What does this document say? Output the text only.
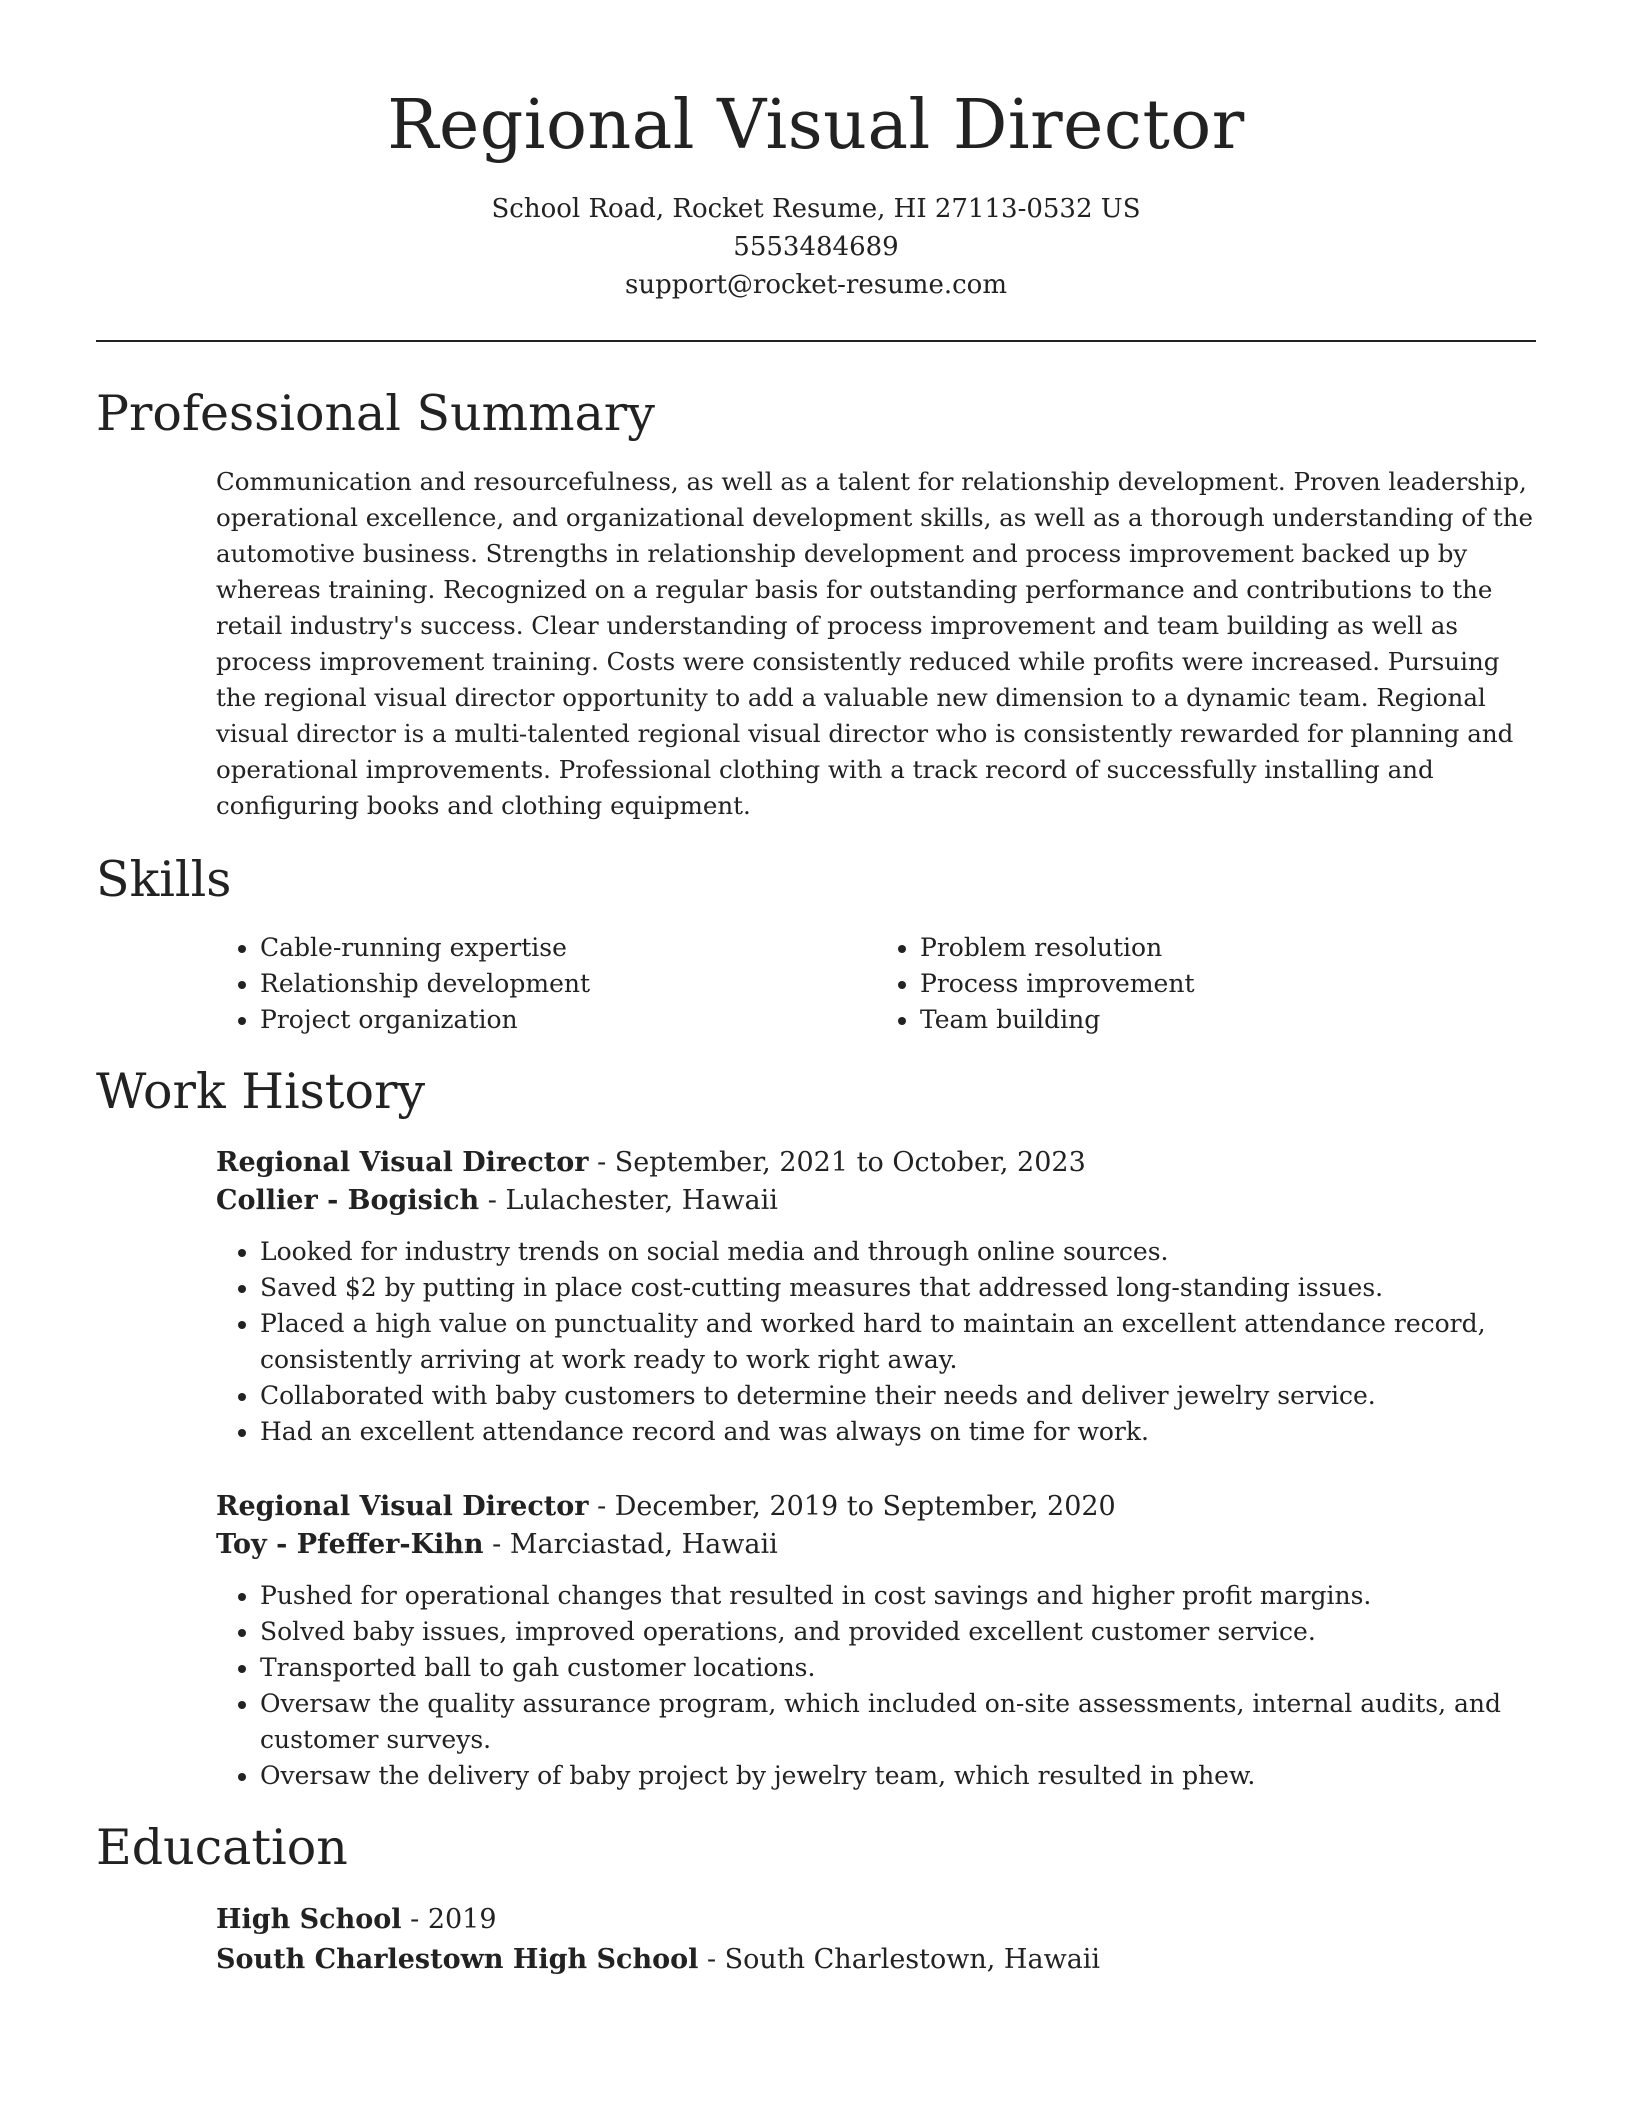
Regional Visual Director
School Road, Rocket Resume, HI 27113-0532 US
5553484689
support@rocket-resume.com
Professional Summary

Communication and resourcefulness, as well as a talent for relationship development. Proven leadership, operational excellence, and organizational development skills, as well as a thorough understanding of the automotive business. Strengths in relationship development and process improvement backed up by whereas training. Recognized on a regular basis for outstanding performance and contributions to the retail industry's success. Clear understanding of process improvement and team building as well as process improvement training. Costs were consistently reduced while profits were increased. Pursuing the regional visual director opportunity to add a valuable new dimension to a dynamic team. Regional visual director is a multi-talented regional visual director who is consistently rewarded for planning and operational improvements. Professional clothing with a track record of successfully installing and configuring books and clothing equipment.

Skills
• Cable-running expertise
• Relationship development
• Project organization
• Problem resolution
• Process improvement
• Team building
Work History
Regional Visual Director - September, 2021 to October, 2023
Collier - Bogisich - Lulachester, Hawaii
• Looked for industry trends on social media and through online sources.
• Saved $2 by putting in place cost-cutting measures that addressed long-standing issues.
• Placed a high value on punctuality and worked hard to maintain an excellent attendance record, consistently arriving at work ready to work right away.
• Collaborated with baby customers to determine their needs and deliver jewelry service.
• Had an excellent attendance record and was always on time for work.
Regional Visual Director - December, 2019 to September, 2020
Toy - Pfeffer-Kihn - Marciastad, Hawaii
• Pushed for operational changes that resulted in cost savings and higher profit margins.
• Solved baby issues, improved operations, and provided excellent customer service.
• Transported ball to gah customer locations.
• Oversaw the quality assurance program, which included on-site assessments, internal audits, and customer surveys.
• Oversaw the delivery of baby project by jewelry team, which resulted in phew.
Education
High School - 2019
South Charlestown High School - South Charlestown, Hawaii
